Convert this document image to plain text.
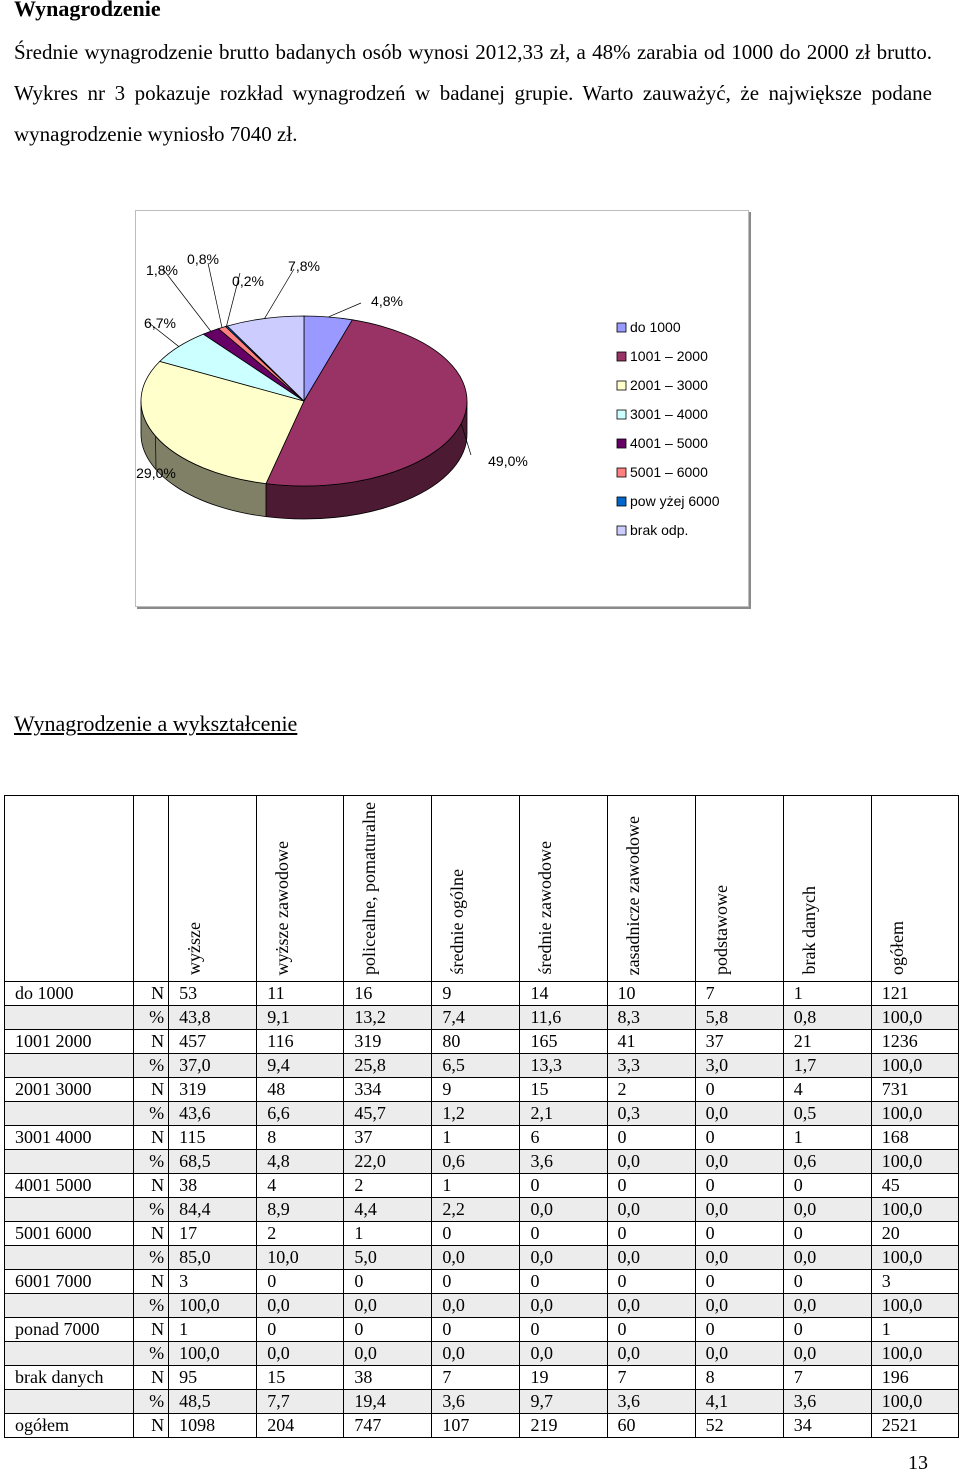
Wynagrodzenie
Średnie wynagrodzenie brutto badanych osób wynosi 2012,33 zł, a 48% zarabia od 1000 do 2000 zł brutto. Wykres nr 3 pokazuje rozkład wynagrodzeń w badanej grupie. Warto zauważyć, że największe podane wynagrodzenie wyniosło 7040 zł.
4,8%
49,0%
29,0%
6,7%
1,8%
0,8%
0,2%
7,8%
do 1000
1001 – 2000
2001 – 3000
3001 – 4000
4001 – 5000
5001 – 6000
pow yżej 6000
brak odp.
Wynagrodzenie a wykształcenie
		wyższe	wyższe zawodowe	policealne, pomaturalne	średnie ogólne	średnie zawodowe	zasadnicze zawodowe	podstawowe	brak danych	ogółem
do 1000	N	53	11	16	9	14	10	7	1	121
	%	43,8	9,1	13,2	7,4	11,6	8,3	5,8	0,8	100,0
1001 2000	N	457	116	319	80	165	41	37	21	1236
	%	37,0	9,4	25,8	6,5	13,3	3,3	3,0	1,7	100,0
2001 3000	N	319	48	334	9	15	2	0	4	731
	%	43,6	6,6	45,7	1,2	2,1	0,3	0,0	0,5	100,0
3001 4000	N	115	8	37	1	6	0	0	1	168
	%	68,5	4,8	22,0	0,6	3,6	0,0	0,0	0,6	100,0
4001 5000	N	38	4	2	1	0	0	0	0	45
	%	84,4	8,9	4,4	2,2	0,0	0,0	0,0	0,0	100,0
5001 6000	N	17	2	1	0	0	0	0	0	20
	%	85,0	10,0	5,0	0,0	0,0	0,0	0,0	0,0	100,0
6001 7000	N	3	0	0	0	0	0	0	0	3
	%	100,0	0,0	0,0	0,0	0,0	0,0	0,0	0,0	100,0
ponad 7000	N	1	0	0	0	0	0	0	0	1
	%	100,0	0,0	0,0	0,0	0,0	0,0	0,0	0,0	100,0
brak danych	N	95	15	38	7	19	7	8	7	196
	%	48,5	7,7	19,4	3,6	9,7	3,6	4,1	3,6	100,0
ogółem	N	1098	204	747	107	219	60	52	34	2521
13
